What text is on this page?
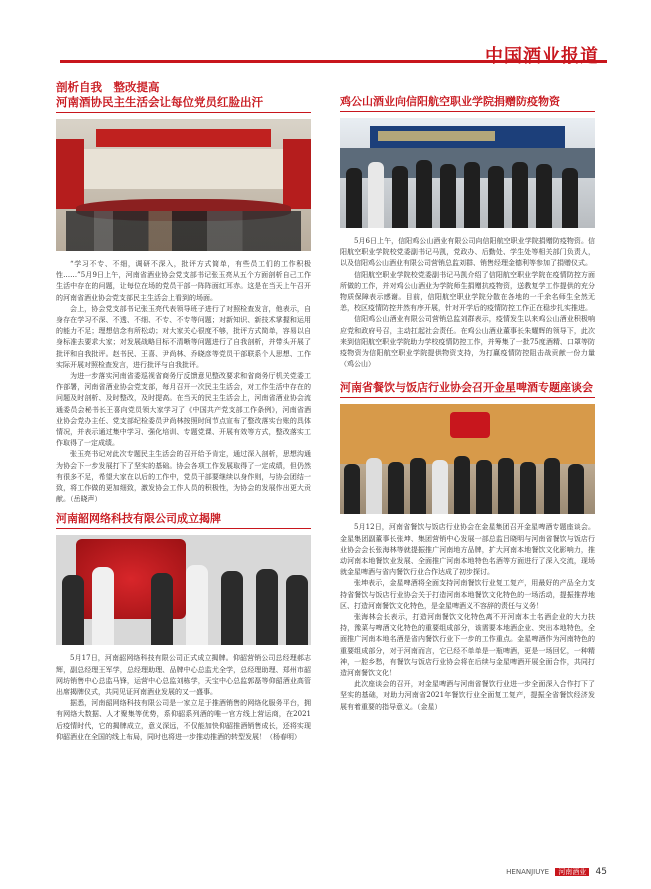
中国酒业报道

剖析自我　整改提高

河南酒协民主生活会让每位党员红脸出汗

“学习不专、不细，调研不深入，批评方式简单，有些员工们的工作积极性……”5月9日上午，河南省酒业协会党支部书记张玉亮从五个方面剖析自己工作生活中存在的问题，让每位在场的党员干部一阵阵面红耳赤。这是在当天上午召开的河南省酒业协会党支部民主生活会上看到的场面。

会上，协会党支部书记张玉亮代表领导班子进行了对照检查发言，他表示，自身存在学习不深、不透、不细、不专、不专等问题；对新知识、新技术掌握和运用的能力不足；理想信念有所松动；对大家关心很度不够，批评方式简单，容易以自身标准去要求大家；对发展战略目标不清晰等问题进行了自我剖析，并带头开展了批评和自我批评。赵书民、王喜、尹尚林、乔晓彦等党员干部联系个人思想、工作实际开展对照检查发言，进行批评与自我批评。

为进一步落实河南省委巡视省商务厅反馈意见整改要求和省商务厅机关党委工作部署，河南省酒业协会党支部，每月召开一次民主生活会，对工作生活中存在的问题及时剖析、及时整改，及时提高。在当天的民主生活会上，河南省酒业协会流通委员会秘书长王喜向党员领大家学习了《中国共产党支部工作条例》，河南省酒业协会党办主任、党支部纪检委员尹尚林按照时间节点宣布了整改落实台账的具体情况，并表示通过集中学习、强化培训、专题党课、开展有效等方式，整改落实工作取得了一定成绩。

张玉亮书记对此次专题民主生活会的召开给予肯定，通过深入剖析，思想沟通为协会下一步发展打下了坚实的基础。协会各项工作发展取得了一定成绩，但仍然有很多不足，希望大家在以后的工作中，党员干部要继续以身作则，与协会团结一致，将工作做的更加细致，激发协会工作人员的积极性，为协会的发展作出更大贡献。（岳晓声）

河南韶网络科技有限公司成立揭牌

5月17日，河南韶网络科技有限公司正式成立揭牌。仰韶营销公司总经理郝志辉，副总经理王军学，总经理助理、品牌中心总监尤全学，总经理助理、郑州市韶网坊销售中心总监马锋，运营中心总监刘栋学，天宝中心总监郭磊等仰韶酒业高管出席揭牌仪式，共同见证河南酒业发展的又一盛事。

据悉，河南韶网络科技有限公司是一家立足于推酒销售的网络化服务平台，拥有网络大数据、人才聚集等优势，系仰韶系列酒的唯一官方线上营运商，在2021后疫情时代，它的揭牌成立，意义深远，不仅能加快仰韶推酒销售成长，还将实现仰韶酒业在全国的线上布局，同时也将进一步推动推酒的转型发展！（杨春明）

鸡公山酒业向信阳航空职业学院捐赠防疫物资

5月6日上午，信阳鸡公山酒业有限公司向信阳航空职业学院捐赠防疫物资。信阳航空职业学院校党委副书记马凯，党政办、后勤处、学生处等相关部门负责人，以及信阳鸡公山酒业有限公司营销总监刘群、销售经理金德利等参加了捐赠仪式。

信阳航空职业学院校党委副书记马凯介绍了信阳航空职业学院在疫情防控方面所做的工作，并对鸡公山酒业为学院师生捐赠抗疫物资，送教复学工作提供的充分物质保障表示感谢。目前，信阳航空职业学院分散在各地的一千余名师生全然无恙，校区疫情防控井然有序开展，针对开学后的疫情防控工作正在稳步扎实推进。

信阳鸡公山酒业有限公司营销总监刘群表示，疫情发生以来鸡公山酒业积极响应党和政府号召，主动扛起社会责任。在鸡公山酒业董事长朱耀辉的领导下，此次来到信阳航空职业学院助力学校疫情防控工作，并筹集了一批75度酒精、口罩等防疫物资为信阳航空职业学院提供物资支持，为打赢疫情防控阻击战贡献一份力量（鸡公山）

河南省餐饮与饭店行业协会召开金星啤酒专题座谈会

5月12日，河南省餐饮与饭店行业协会在金星集团召开金星啤酒专题座谈会。金星集团副董事长张坤、集团营销中心发展一部总监吕晓明与河南省餐饮与饭店行业协会会长张海林等就提振推广河南地方品牌，扩大河南本地餐饮文化影响力，推动河南本地餐饮业发展、全面推广河南本地特色名酒等方面进行了深入交流，现场就金星啤酒与省内餐饮行业合作达成了初步探讨。

张坤表示，金星啤酒将全面支持河南餐饮行业复工复产，用最好的产品全力支持省餐饮与饭店行业协会关于打造河南本地餐饮文化特色的一场活动，提振推荐地区、打造河南餐饮文化特色，是金星啤酒义不容辞的责任与义务！

张海林会长表示，打造河南餐饮文化特色离不开河南本土名酒企业的大力扶持，豫菜与啤酒文化特色的重要组成部分，该需要本地酒企业、突出本地特色，全面推广河南本地名酒是省内餐饮行业下一步的工作重点。金星啤酒作为河南特色的重要组成部分，对于河南而言，它已经不单单是一瓶啤酒，更是一场回忆，一种精神，一腔乡愁，有餐饮与饭店行业协会将在后续与金星啤酒开展全面合作，共同打造河南餐饮文化！

此次座谈会的召开，对金星啤酒与河南省餐饮行业进一步全面深入合作打下了坚实的基础，对助力河南省2021年餐饮行业全面复工复产，提振全省餐饮经济发展有着重要的指导意义。（金星）

HENANJIUYE 河南酒业 45
